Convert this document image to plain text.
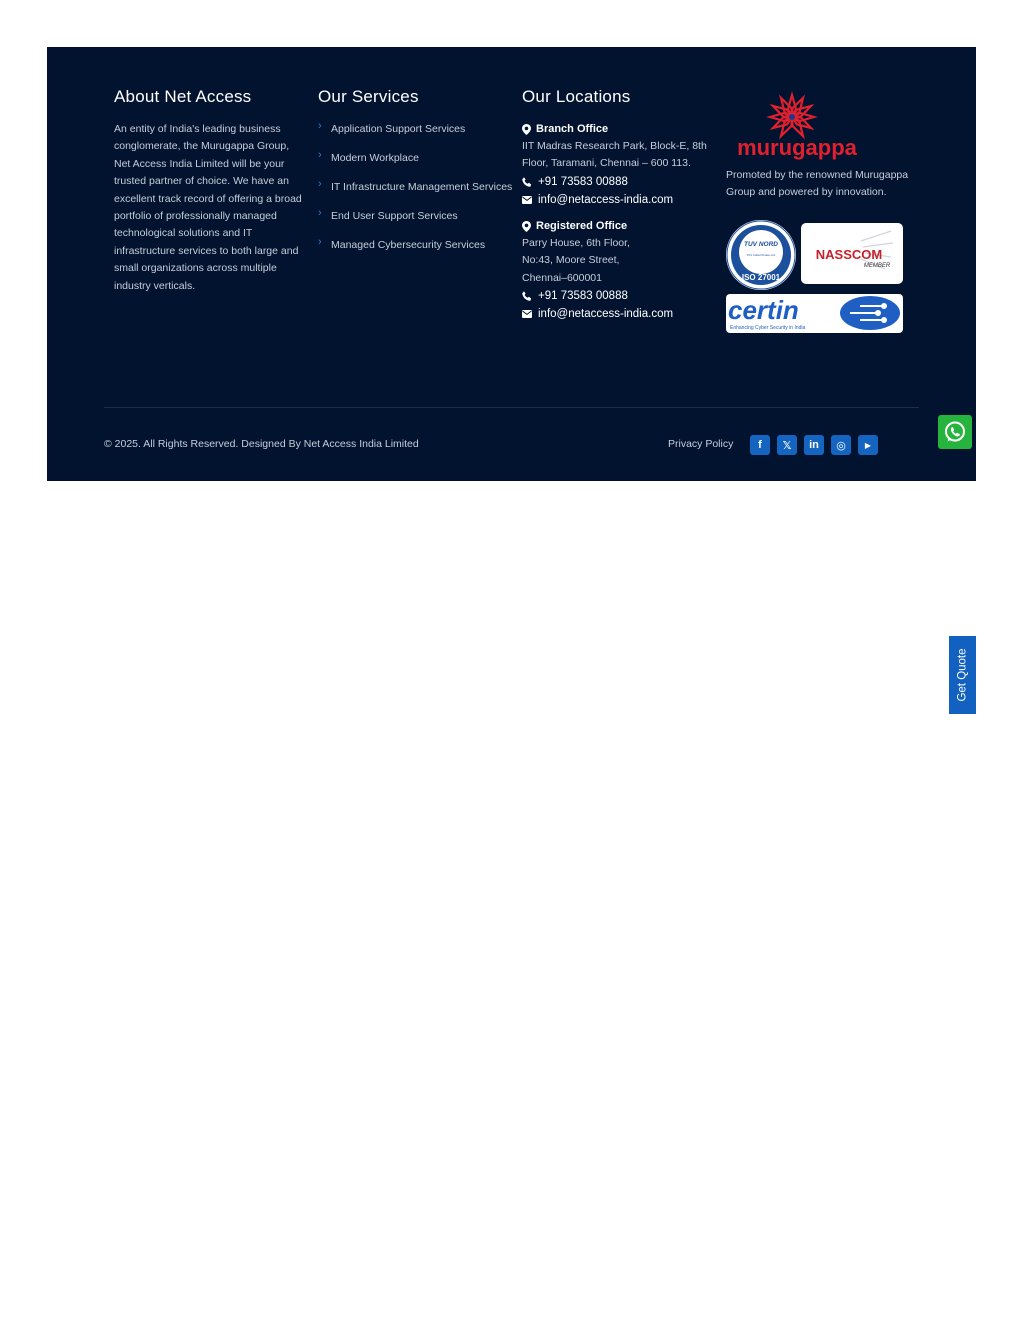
About Net Access

An entity of India's leading business conglomerate, the Murugappa Group, Net Access India Limited will be your trusted partner of choice. We have an excellent track record of offering a broad portfolio of professionally managed technological solutions and IT infrastructure services to both large and small organizations across multiple industry verticals.

Our Services
› Application Support Services
› Modern Workplace
› IT Infrastructure Management Services
› End User Support Services
› Managed Cybersecurity Services
Our Locations
Branch Office
IIT Madras Research Park, Block-E, 8th Floor, Taramani, Chennai – 600 113.
+91 73583 00888
info@netaccess-india.com
Registered Office
Parry House, 6th Floor,
No:43, Moore Street,
Chennai–600001
+91 73583 00888
info@netaccess-india.com
murugappa

Promoted by the renowned Murugappa Group and powered by innovation.

TUV NORD
TUV India Private Ltd.
ISO 27001
NASSCOM
MEMBER
certin
Enhancing Cyber Security in India
© 2025. All Rights Reserved. Designed By Net Access India Limited	Privacy Policy	f	𝕏	in	◎	▶
Get Quote
